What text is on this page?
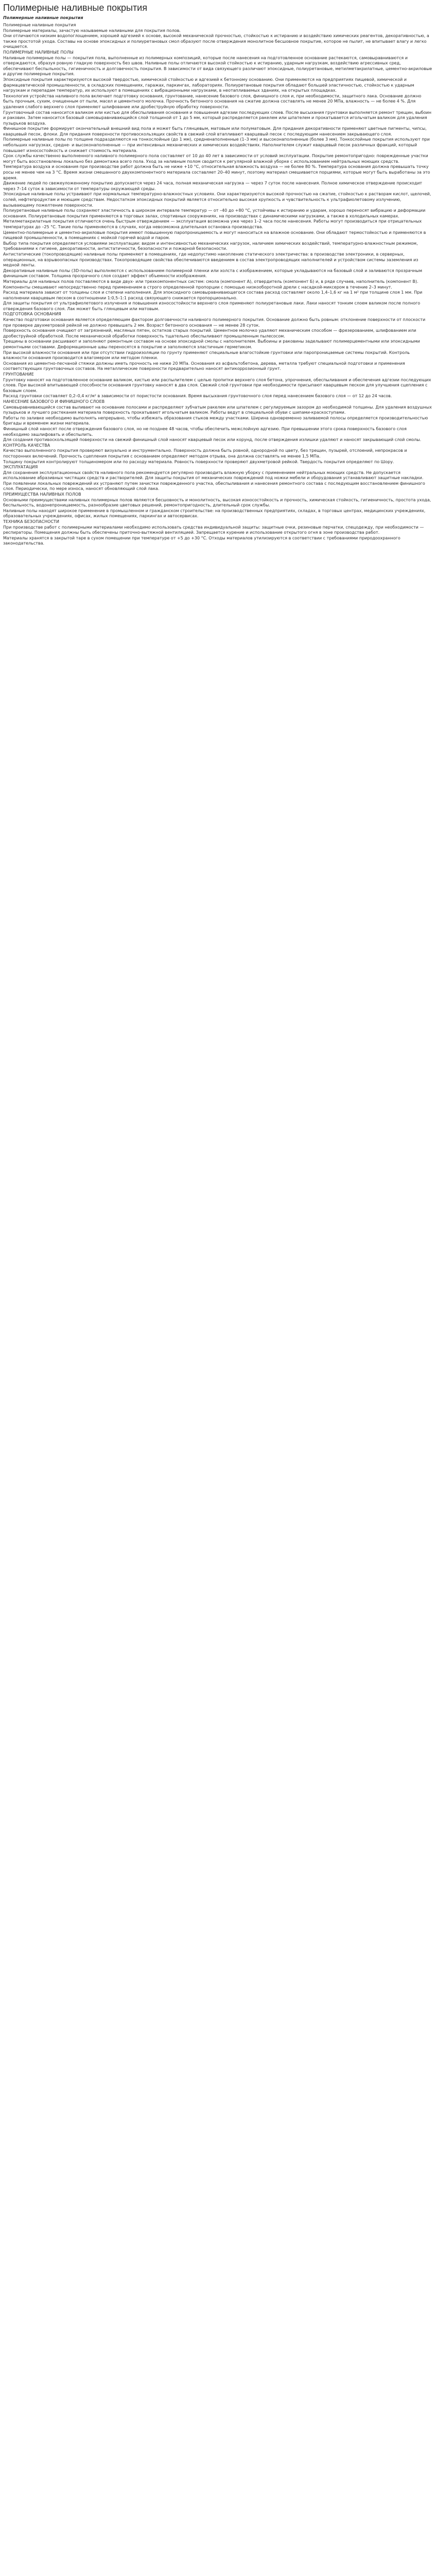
Полимерные наливные покрытия
Полимерные наливные покрытия

Полимерные наливные покрытия

Полимерные материалы, зачастую называемые наливными для покрытия полов.

Они отличаются низким водопоглощением, хорошей адгезией к основе, высокой механической прочностью, стойкостью к истиранию и воздействию химических реагентов, декоративностью, а также простотой ухода. Составы на основе эпоксидных и полиуретановых смол образуют после отверждения монолитное бесшовное покрытие, которое не пылит, не впитывает влагу и легко очищается.

ПОЛИМЕРНЫЕ НАЛИВНЫЕ ПОЛЫ

Наливные полимерные полы — покрытия пола, выполненные из полимерных композиций, которые после нанесения на подготовленное основание растекаются, самовыравниваются и отверждаются, образуя ровную гладкую поверхность без швов. Наливные полы отличаются высокой стойкостью к истиранию, ударным нагрузкам, воздействию агрессивных сред, обеспечивают беспыльность, гигиеничность и долговечность покрытия. В зависимости от вида связующего различают эпоксидные, полиуретановые, метилметакрилатные, цементно-акриловые и другие полимерные покрытия.

Эпоксидные покрытия характеризуются высокой твердостью, химической стойкостью и адгезией к бетонному основанию. Они применяются на предприятиях пищевой, химической и фармацевтической промышленности, в складских помещениях, гаражах, паркингах, лабораториях. Полиуретановые покрытия обладают большей эластичностью, стойкостью к ударным нагрузкам и перепадам температур, их используют в помещениях с вибрационными нагрузками, в неотапливаемых зданиях, на открытых площадках.

Технология устройства наливного пола включает подготовку основания, грунтование, нанесение базового слоя, финишного слоя и, при необходимости, защитного лака. Основание должно быть прочным, сухим, очищенным от пыли, масел и цементного молочка. Прочность бетонного основания на сжатие должна составлять не менее 20 МПа, влажность — не более 4 %. Для удаления слабого верхнего слоя применяют шлифование или дробеструйную обработку поверхности.

Грунтовочный состав наносится валиком или кистью для обеспыливания основания и повышения адгезии последующих слоев. После высыхания грунтовки выполняется ремонт трещин, выбоин и раковин. Затем наносится базовый самовыравнивающийся слой толщиной от 1 до 5 мм, который распределяется ракелем или шпателем и прокатывается игольчатым валиком для удаления пузырьков воздуха.

Финишное покрытие формирует окончательный внешний вид пола и может быть глянцевым, матовым или полуматовым. Для придания декоративности применяют цветные пигменты, чипсы, кварцевый песок, флоки. Для придания поверхности противоскользящих свойств в свежий слой втапливают кварцевый песок с последующим нанесением закрывающего слоя.

Полимерные наливные полы по толщине подразделяются на тонкослойные (до 1 мм), средненаполненные (1–3 мм) и высоконаполненные (более 3 мм). Тонкослойные покрытия используют при небольших нагрузках, средне- и высоконаполненные — при интенсивных механических и химических воздействиях. Наполнителем служит кварцевый песок различных фракций, который повышает износостойкость и снижает стоимость материала.

Срок службы качественно выполненного наливного полимерного пола составляет от 10 до 40 лет в зависимости от условий эксплуатации. Покрытие ремонтопригодно: поврежденные участки могут быть восстановлены локально без демонтажа всего пола. Уход за наливным полом сводится к регулярной влажной уборке с использованием нейтральных моющих средств.

Температура воздуха и основания при производстве работ должна быть не ниже +10 °С, относительная влажность воздуха — не более 80 %. Температура основания должна превышать точку росы не менее чем на 3 °С. Время жизни смешанного двухкомпонентного материала составляет 20–40 минут, поэтому материал смешивается порциями, которые могут быть выработаны за это время.

Движение людей по свежеуложенному покрытию допускается через 24 часа, полная механическая нагрузка — через 7 суток после нанесения. Полное химическое отверждение происходит через 7–14 суток в зависимости от температуры окружающей среды.

Эпоксидные наливные полы устраивают при нормальных температурно-влажностных условиях. Они характеризуются высокой прочностью на сжатие, стойкостью к растворам кислот, щелочей, солей, нефтепродуктам и моющим средствам. Недостатком эпоксидных покрытий является относительно высокая хрупкость и чувствительность к ультрафиолетовому излучению, вызывающему пожелтение поверхности.

Полиуретановые наливные полы сохраняют эластичность в широком интервале температур — от –40 до +80 °С, устойчивы к истиранию и ударам, хорошо переносят вибрацию и деформации основания. Полиуретановые покрытия применяются в торговых залах, спортивных сооружениях, на производствах с динамическими нагрузками, а также в холодильных камерах.

Метилметакрилатные покрытия отличаются очень быстрым отверждением — эксплуатация возможна уже через 1–2 часа после нанесения. Работы могут производиться при отрицательных температурах до –25 °С. Такие полы применяются в случаях, когда невозможна длительная остановка производства.

Цементно-полимерные и цементно-акриловые покрытия имеют повышенную паропроницаемость и могут наноситься на влажное основание. Они обладают термостойкостью и применяются в пищевой промышленности, в помещениях с мойкой горячей водой и паром.

Выбор типа покрытия определяется условиями эксплуатации: видом и интенсивностью механических нагрузок, наличием химических воздействий, температурно-влажностным режимом, требованиями к гигиене, декоративности, антистатичности, безопасности и пожарной безопасности.

Антистатические (токопроводящие) наливные полы применяют в помещениях, где недопустимо накопление статического электричества: в производстве электроники, в серверных, операционных, на взрывоопасных производствах. Токопроводящие свойства обеспечиваются введением в состав электропроводящих наполнителей и устройством системы заземления из медной ленты.

Декоративные наливные полы (3D-полы) выполняются с использованием полимерной пленки или холста с изображением, которые укладываются на базовый слой и заливаются прозрачным финишным составом. Толщина прозрачного слоя создает эффект объемности изображения.

Материалы для наливных полов поставляются в виде двух- или трехкомпонентных систем: смола (компонент А), отвердитель (компонент Б) и, в ряде случаев, наполнитель (компонент В). Компоненты смешивают непосредственно перед применением в строго определенной пропорции с помощью низкооборотной дрели с насадкой-миксером в течение 2–3 минут.

Расход материала зависит от толщины слоя и степени наполнения. Для эпоксидного самовыравнивающегося состава расход составляет около 1,4–1,6 кг на 1 м² при толщине слоя 1 мм. При наполнении кварцевым песком в соотношении 1:0,5–1:1 расход связующего снижается пропорционально.

Для защиты покрытия от ультрафиолетового излучения и повышения износостойкости верхнего слоя применяют полиуретановые лаки. Лаки наносят тонким слоем валиком после полного отверждения базового слоя. Лак может быть глянцевым или матовым.

ПОДГОТОВКА ОСНОВАНИЯ

Качество подготовки основания является определяющим фактором долговечности наливного полимерного покрытия. Основание должно быть ровным: отклонение поверхности от плоскости при проверке двухметровой рейкой не должно превышать 2 мм. Возраст бетонного основания — не менее 28 суток.

Поверхность основания очищают от загрязнений, масляных пятен, остатков старых покрытий. Цементное молочко удаляют механическим способом — фрезерованием, шлифованием или дробеструйной обработкой. После механической обработки поверхность тщательно обеспыливают промышленным пылесосом.

Трещины в основании расшивают и заполняют ремонтным составом на основе эпоксидной смолы с наполнителем. Выбоины и раковины заделывают полимерцементными или эпоксидными ремонтными составами. Деформационные швы переносятся в покрытие и заполняются эластичным герметиком.

При высокой влажности основания или при отсутствии гидроизоляции по грунту применяют специальные влагостойкие грунтовки или паропроницаемые системы покрытий. Контроль влажности основания производится влагомером или методом пленки.

Основания из цементно-песчаной стяжки должны иметь прочность не ниже 20 МПа. Основания из асфальтобетона, дерева, металла требуют специальной подготовки и применения соответствующих грунтовочных составов. На металлические поверхности предварительно наносят антикоррозионный грунт.

ГРУНТОВАНИЕ

Грунтовку наносят на подготовленное основание валиком, кистью или распылителем с целью пропитки верхнего слоя бетона, упрочнения, обеспыливания и обеспечения адгезии последующих слоев. При высокой впитывающей способности основания грунтовку наносят в два слоя. Свежий слой грунтовки при необходимости присыпают кварцевым песком для улучшения сцепления с базовым слоем.

Расход грунтовки составляет 0,2–0,4 кг/м² в зависимости от пористости основания. Время высыхания грунтовочного слоя перед нанесением базового слоя — от 12 до 24 часов.

НАНЕСЕНИЕ БАЗОВОГО И ФИНИШНОГО СЛОЕВ

Самовыравнивающийся состав выливают на основание полосами и распределяют зубчатым ракелем или шпателем с регулируемым зазором до необходимой толщины. Для удаления воздушных пузырьков и лучшего растекания материала поверхность прокатывают игольчатым валиком. Работы ведут в специальной обуви с шипами-краскоступами.

Работы по заливке необходимо выполнять непрерывно, чтобы избежать образования стыков между участками. Ширина одновременно заливаемой полосы определяется производительностью бригады и временем жизни материала.

Финишный слой наносят после отверждения базового слоя, но не позднее 48 часов, чтобы обеспечить межслойную адгезию. При превышении этого срока поверхность базового слоя необходимо зашлифовать и обеспылить.

Для создания противоскользящей поверхности на свежий финишный слой наносят кварцевый песок или корунд, после отверждения излишки удаляют и наносят закрывающий слой смолы.

КОНТРОЛЬ КАЧЕСТВА

Качество выполненного покрытия проверяют визуально и инструментально. Поверхность должна быть ровной, однородной по цвету, без трещин, пузырей, отслоений, непрокрасов и посторонних включений. Прочность сцепления покрытия с основанием определяют методом отрыва, она должна составлять не менее 1,5 МПа.

Толщину покрытия контролируют толщиномером или по расходу материала. Ровность поверхности проверяют двухметровой рейкой. Твердость покрытия определяют по Шору.

ЭКСПЛУАТАЦИЯ

Для сохранения эксплуатационных свойств наливного пола рекомендуется регулярно производить влажную уборку с применением нейтральных моющих средств. Не допускается использование абразивных чистящих средств и растворителей. Для защиты покрытия от механических повреждений под ножки мебели и оборудования устанавливают защитные накладки.

При появлении локальных повреждений их устраняют путем зачистки поврежденного участка, обеспыливания и нанесения ремонтного состава с последующим восстановлением финишного слоя. Периодически, по мере износа, наносят обновляющий слой лака.

ПРЕИМУЩЕСТВА НАЛИВНЫХ ПОЛОВ

Основными преимуществами наливных полимерных полов являются бесшовность и монолитность, высокая износостойкость и прочность, химическая стойкость, гигиеничность, простота ухода, беспыльность, водонепроницаемость, разнообразие цветовых решений, ремонтопригодность, длительный срок службы.

Наливные полы находят широкое применение в промышленном и гражданском строительстве: на производственных предприятиях, складах, в торговых центрах, медицинских учреждениях, образовательных учреждениях, офисах, жилых помещениях, паркингах и автосервисах.

ТЕХНИКА БЕЗОПАСНОСТИ

При производстве работ с полимерными материалами необходимо использовать средства индивидуальной защиты: защитные очки, резиновые перчатки, спецодежду, при необходимости — респираторы. Помещения должны быть обеспечены приточно-вытяжной вентиляцией. Запрещается курение и использование открытого огня в зоне производства работ.

Материалы хранятся в закрытой таре в сухом помещении при температуре от +5 до +30 °С. Отходы материалов утилизируются в соответствии с требованиями природоохранного законодательства.
